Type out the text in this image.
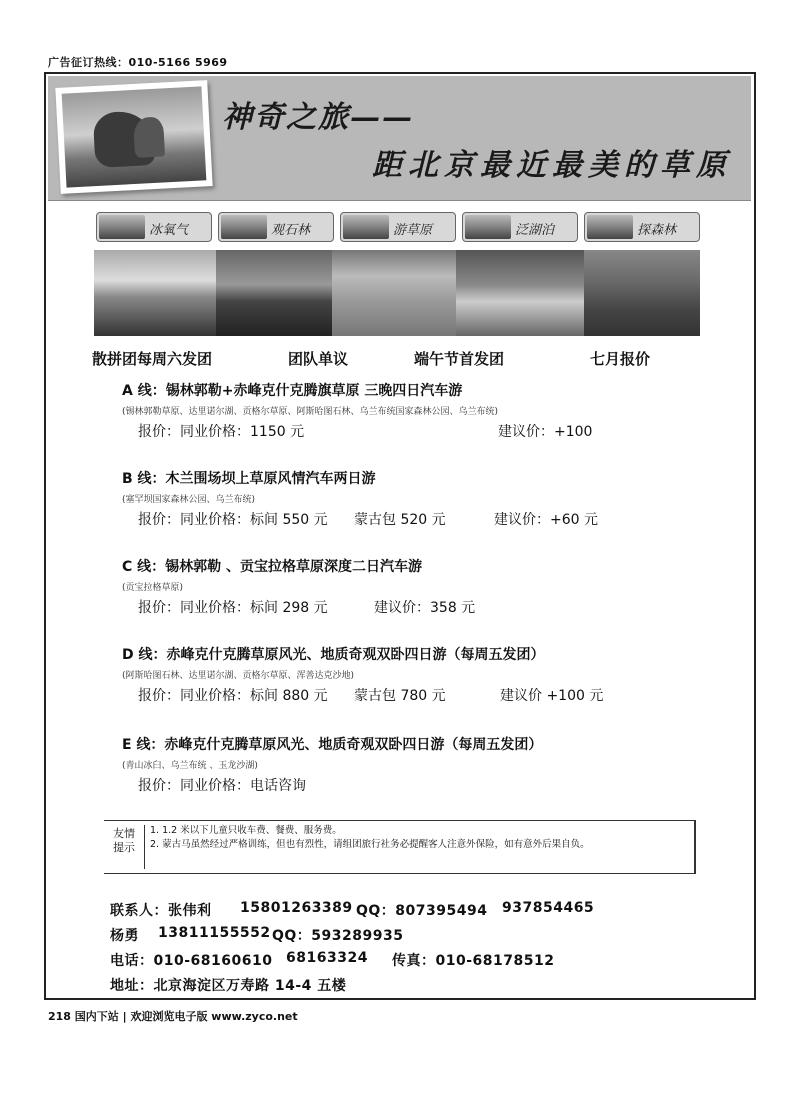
广告征订热线：010-5166 5969
神奇之旅——
距北京最近最美的草原
冰氧气	观石林	游草原	泛湖泊	探森林
散拼团每周六发团	团队单议	端午节首发团	七月报价
A 线：锡林郭勒+赤峰克什克腾旗草原 三晚四日汽车游
(锡林郭勒草原、达里诺尔湖、贡格尔草原、阿斯哈图石林、乌兰布统国家森林公园、乌兰布统)
报价：同业价格：1150 元	建议价：+100
B 线：木兰围场坝上草原风情汽车两日游
(塞罕坝国家森林公园、乌兰布统)
报价：同业价格：标间 550 元 蒙古包 520 元	建议价：+60 元
C 线：锡林郭勒 、贡宝拉格草原深度二日汽车游
(贡宝拉格草原)
报价：同业价格：标间 298 元	建议价：358 元
D 线：赤峰克什克腾草原风光、地质奇观双卧四日游（每周五发团）
(阿斯哈图石林、达里诺尔湖、贡格尔草原、浑善达克沙地)
报价：同业价格：标间 880 元 蒙古包 780 元	建议价 +100 元
E 线：赤峰克什克腾草原风光、地质奇观双卧四日游（每周五发团）
(青山冰臼、乌兰布统 、玉龙沙湖)
报价：同业价格：电话咨询
友情提示
1. 1.2 米以下儿童只收车费、餐费、服务费。
2. 蒙古马虽然经过严格训练，但也有烈性，请组团旅行社务必提醒客人注意外保险，如有意外后果自负。
联系人：张伟利 15801263389 QQ：807395494 937854465
杨勇 13811155552 QQ：593289935
电话：010-68160610 68163324 传真：010-68178512
地址：北京海淀区万寿路 14-4 五楼
218 国内下站 | 欢迎浏览电子版 www.zyco.net
